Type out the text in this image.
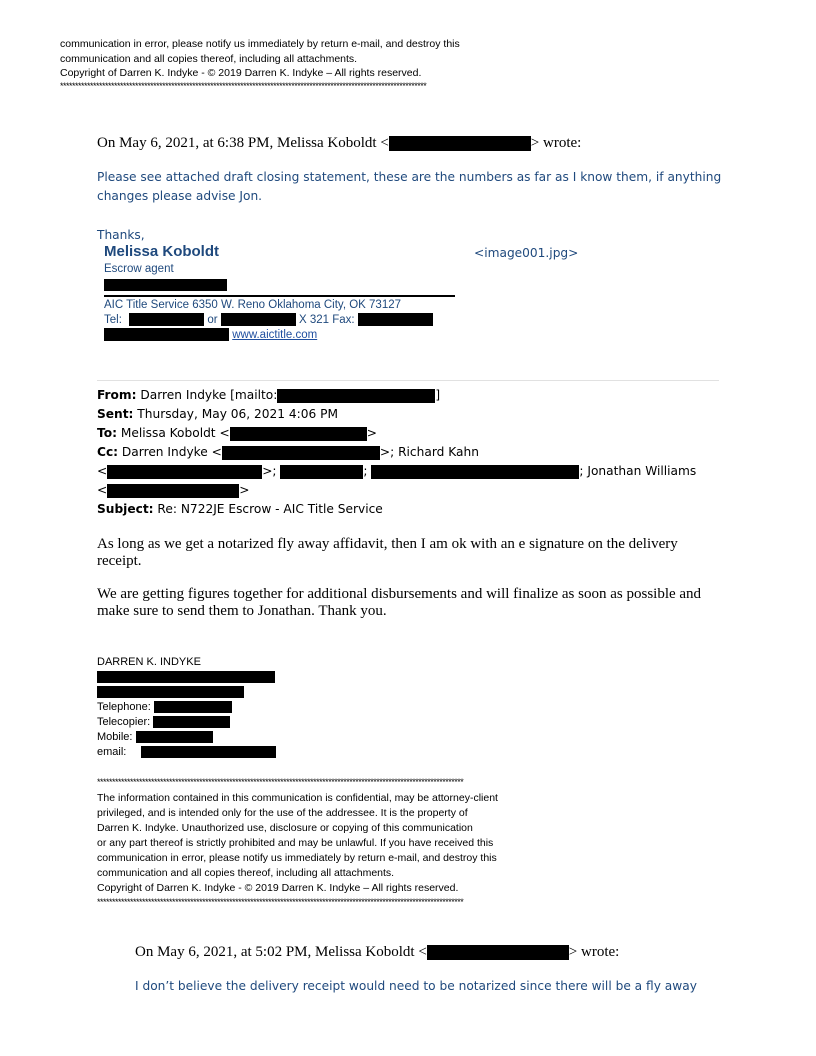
communication in error, please notify us immediately by return e-mail, and destroy this
communication and all copies thereof, including all attachments.
Copyright of Darren K. Indyke - © 2019 Darren K. Indyke – All rights reserved.
**************************************************************************************************************************
On May 6, 2021, at 6:38 PM, Melissa Koboldt <	> wrote:
Please see attached draft closing statement, these are the numbers as far as I know them, if anything
changes please advise Jon.
Thanks,
Melissa Koboldt
Escrow agent
<image001.jpg>
AIC Title Service 6350 W. Reno Oklahoma City, OK 73127
Tel:	or	X 321 Fax:
www.aictitle.com
From: Darren Indyke [mailto:	]
Sent: Thursday, May 06, 2021 4:06 PM
To: Melissa Koboldt <	>
Cc: Darren Indyke <	>; Richard Kahn
<	>;	;	; Jonathan Williams
<	>
Subject: Re: N722JE Escrow - AIC Title Service
As long as we get a notarized fly away affidavit, then I am ok with an e signature on the delivery
receipt.
We are getting figures together for additional disbursements and will finalize as soon as possible and
make sure to send them to Jonathan. Thank you.
DARREN K. INDYKE
Telephone:
Telecopier:
Mobile:
email:
**************************************************************************************************************************
The information contained in this communication is confidential, may be attorney-client
privileged, and is intended only for the use of the addressee. It is the property of
Darren K. Indyke. Unauthorized use, disclosure or copying of this communication
or any part thereof is strictly prohibited and may be unlawful. If you have received this
communication in error, please notify us immediately by return e-mail, and destroy this
communication and all copies thereof, including all attachments.
Copyright of Darren K. Indyke - © 2019 Darren K. Indyke – All rights reserved.
**************************************************************************************************************************
On May 6, 2021, at 5:02 PM, Melissa Koboldt <	> wrote:
I don’t believe the delivery receipt would need to be notarized since there will be a fly away
